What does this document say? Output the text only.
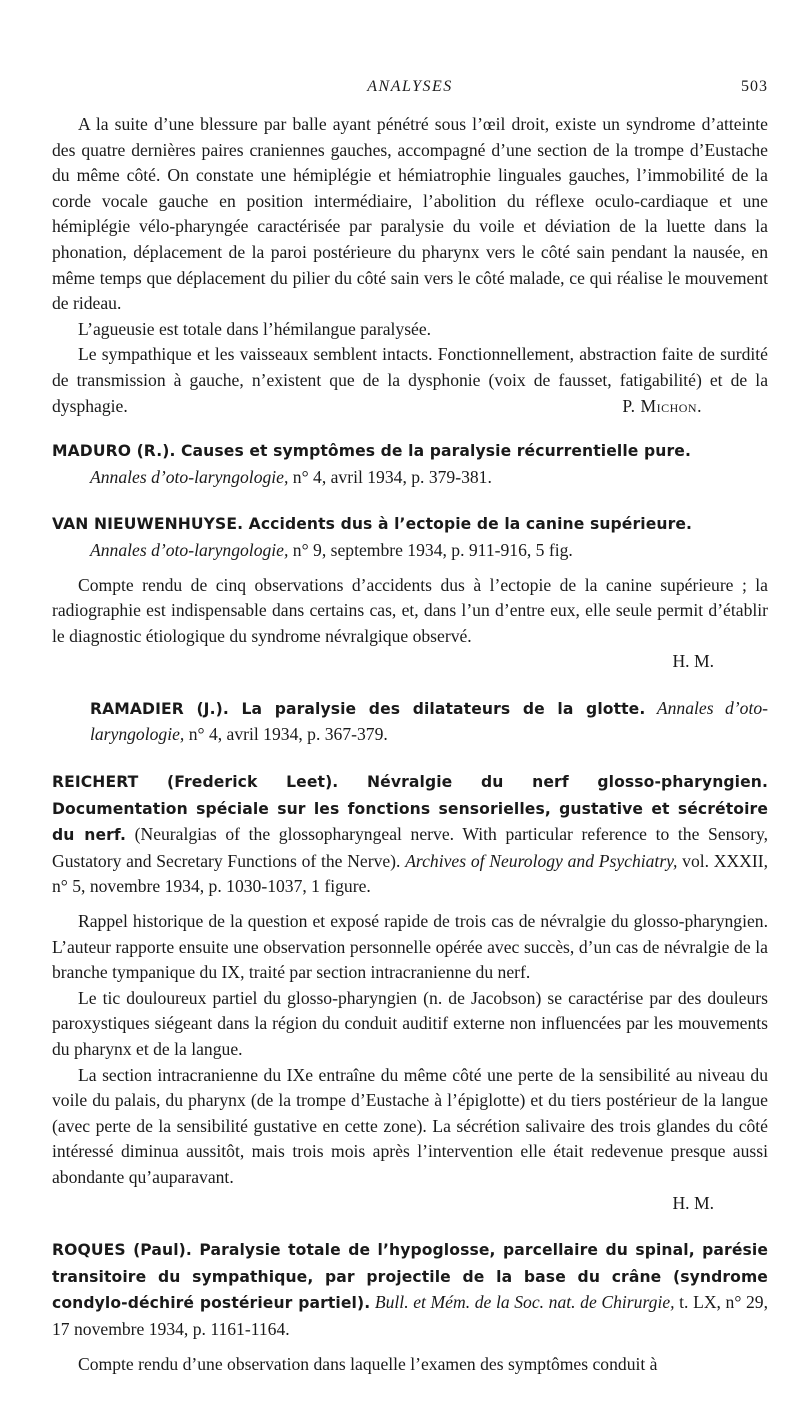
ANALYSES	503

A la suite d’une blessure par balle ayant pénétré sous l’œil droit, existe un syndrome d’atteinte des quatre dernières paires craniennes gauches, accompagné d’une section de la trompe d’Eustache du même côté. On constate une hémiplégie et hémiatrophie linguales gauches, l’immobilité de la corde vocale gauche en position intermédiaire, l’abolition du réflexe oculo-cardiaque et une hémiplégie vélo-pharyngée caractérisée par paralysie du voile et déviation de la luette dans la phonation, déplacement de la paroi postérieure du pharynx vers le côté sain pendant la nausée, en même temps que déplacement du pilier du côté sain vers le côté malade, ce qui réalise le mouvement de rideau.

L’agueusie est totale dans l’hémilangue paralysée.

Le sympathique et les vaisseaux semblent intacts. Fonctionnellement, abstraction faite de surdité de transmission à gauche, n’existent que de la dysphonie (voix de fausset, fatigabilité) et de la dysphagie.	P. Michon.

MADURO (R.). Causes et symptômes de la paralysie récurrentielle pure.

Annales d’oto-laryngologie, n° 4, avril 1934, p. 379-381.

VAN NIEUWENHUYSE. Accidents dus à l’ectopie de la canine supérieure.

Annales d’oto-laryngologie, n° 9, septembre 1934, p. 911-916, 5 fig.

Compte rendu de cinq observations d’accidents dus à l’ectopie de la canine supérieure ; la radiographie est indispensable dans certains cas, et, dans l’un d’entre eux, elle seule permit d’établir le diagnostic étiologique du syndrome névralgique observé.

H. M.

RAMADIER (J.). La paralysie des dilatateurs de la glotte. Annales d’oto-laryngologie, n° 4, avril 1934, p. 367-379.

REICHERT (Frederick Leet). Névralgie du nerf glosso-pharyngien. Documentation spéciale sur les fonctions sensorielles, gustative et sécrétoire du nerf. (Neuralgias of the glossopharyngeal nerve. With particular reference to the Sensory, Gustatory and Secretary Functions of the Nerve). Archives of Neurology and Psychiatry, vol. XXXII, n° 5, novembre 1934, p. 1030-1037, 1 figure.

Rappel historique de la question et exposé rapide de trois cas de névralgie du glosso-pharyngien. L’auteur rapporte ensuite une observation personnelle opérée avec succès, d’un cas de névralgie de la branche tympanique du IX, traité par section intracranienne du nerf.

Le tic douloureux partiel du glosso-pharyngien (n. de Jacobson) se caractérise par des douleurs paroxystiques siégeant dans la région du conduit auditif externe non influencées par les mouvements du pharynx et de la langue.

La section intracranienne du IXe entraîne du même côté une perte de la sensibilité au niveau du voile du palais, du pharynx (de la trompe d’Eustache à l’épiglotte) et du tiers postérieur de la langue (avec perte de la sensibilité gustative en cette zone). La sécrétion salivaire des trois glandes du côté intéressé diminua aussitôt, mais trois mois après l’intervention elle était redevenue presque aussi abondante qu’auparavant.

H. M.

ROQUES (Paul). Paralysie totale de l’hypoglosse, parcellaire du spinal, parésie transitoire du sympathique, par projectile de la base du crâne (syndrome condylo-déchiré postérieur partiel). Bull. et Mém. de la Soc. nat. de Chirurgie, t. LX, n° 29, 17 novembre 1934, p. 1161-1164.

Compte rendu d’une observation dans laquelle l’examen des symptômes conduit à
